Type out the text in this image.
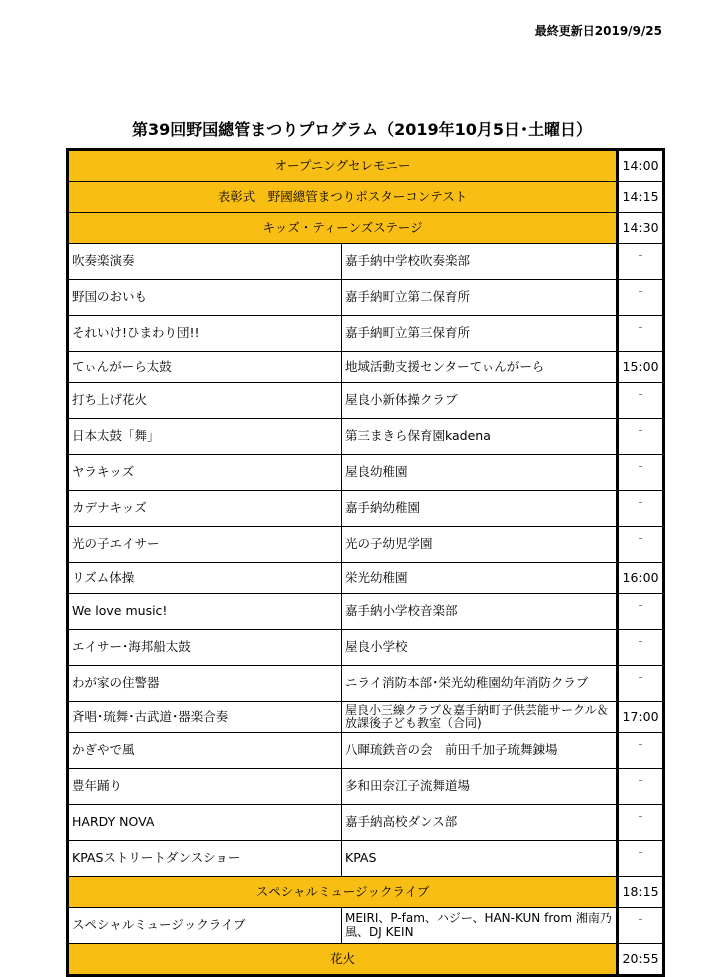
最終更新日2019/9/25
第39回野国總管まつりプログラム（2019年10月5日･土曜日）
オープニングセレモニー		14:00
表彰式　野國總管まつりポスターコンテスト		14:15
キッズ・ティーンズステージ		14:30
吹奏楽演奏	嘉手納中学校吹奏楽部	-
野国のおいも	嘉手納町立第二保育所	-
それいけ!ひまわり団!!	嘉手納町立第三保育所	-
てぃんがーら太鼓	地域活動支援センターてぃんがーら	15:00
打ち上げ花火	屋良小新体操クラブ	-
日本太鼓「舞」	第三まきら保育園kadena	-
ヤラキッズ	屋良幼稚園	-
カデナキッズ	嘉手納幼稚園	-
光の子エイサー	光の子幼児学園	-
リズム体操	栄光幼稚園	16:00
We love music!	嘉手納小学校音楽部	-
エイサー･海邦船太鼓	屋良小学校	-
わが家の住警器	ニライ消防本部･栄光幼稚園幼年消防クラブ	-
斉唱･琉舞･古武道･器楽合奏	屋良小三線クラブ＆嘉手納町子供芸能サークル＆放課後子ども教室（合同)	17:00
かぎやで風	八暉琉鉄音の会　前田千加子琉舞錬場	-
豊年踊り	多和田奈江子流舞道場	-
HARDY NOVA	嘉手納高校ダンス部	-
KPASストリートダンスショー	KPAS	-
スペシャルミュージックライブ		18:15
スペシャルミュージックライブ	MEIRI、P-fam、ハジー、HAN-KUN from 湘南乃風、DJ KEIN	-
花火		20:55
